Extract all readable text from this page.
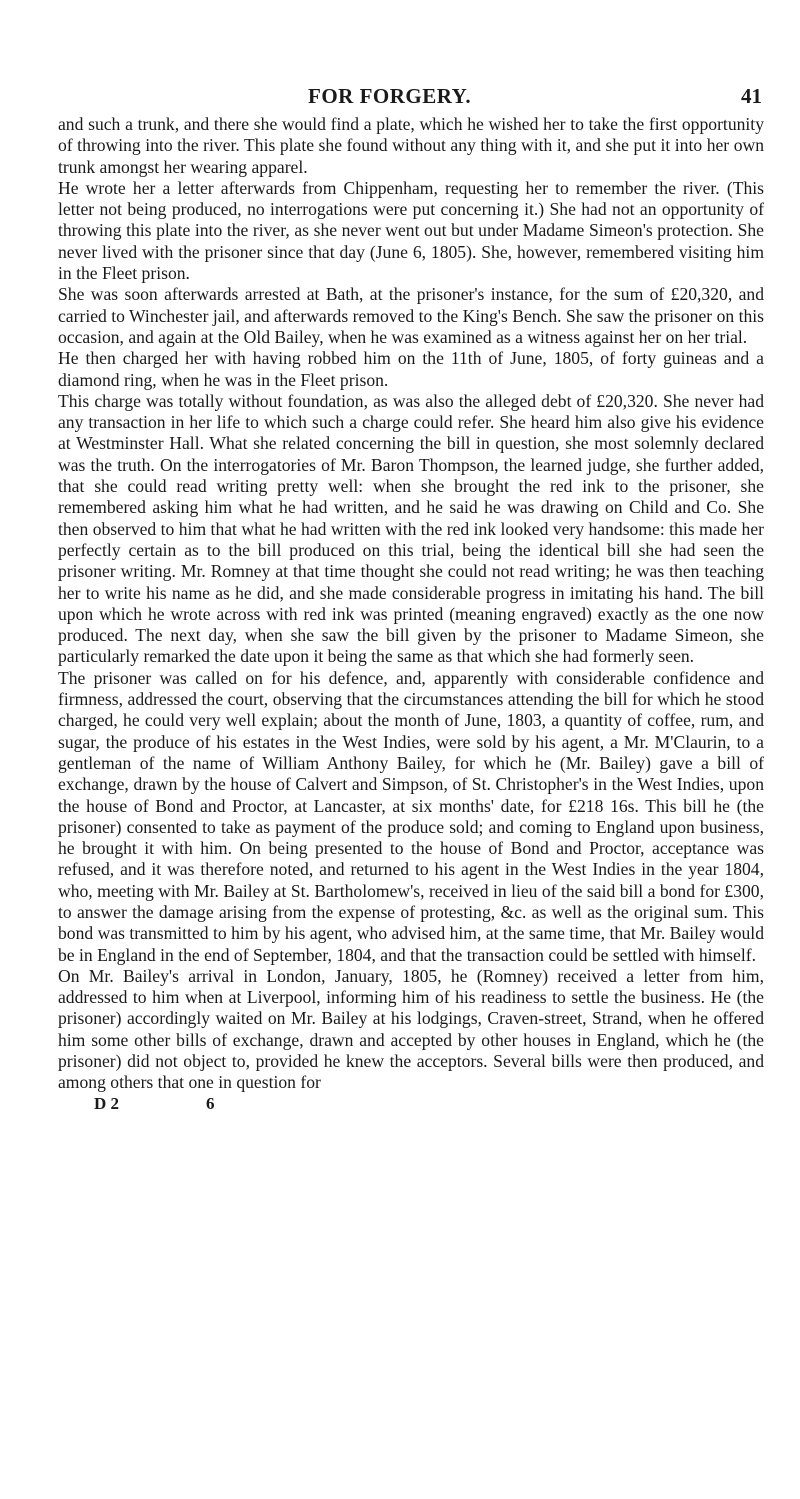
FOR FORGERY.	41

and such a trunk, and there she would find a plate, which he wished her to take the first opportunity of throwing into the river. This plate she found without any thing with it, and she put it into her own trunk amongst her wearing apparel.

He wrote her a letter afterwards from Chippenham, requesting her to remember the river. (This letter not being produced, no interrogations were put concerning it.) She had not an opportunity of throwing this plate into the river, as she never went out but under Madame Simeon's protection. She never lived with the prisoner since that day (June 6, 1805). She, however, remembered visiting him in the Fleet prison.

She was soon afterwards arrested at Bath, at the prisoner's instance, for the sum of £20,320, and carried to Winchester jail, and afterwards removed to the King's Bench. She saw the prisoner on this occasion, and again at the Old Bailey, when he was examined as a witness against her on her trial.

He then charged her with having robbed him on the 11th of June, 1805, of forty guineas and a diamond ring, when he was in the Fleet prison.

This charge was totally without foundation, as was also the alleged debt of £20,320. She never had any transaction in her life to which such a charge could refer. She heard him also give his evidence at Westminster Hall. What she related concerning the bill in question, she most solemnly declared was the truth. On the interrogatories of Mr. Baron Thompson, the learned judge, she further added, that she could read writing pretty well: when she brought the red ink to the prisoner, she remembered asking him what he had written, and he said he was drawing on Child and Co. She then observed to him that what he had written with the red ink looked very handsome: this made her perfectly certain as to the bill produced on this trial, being the identical bill she had seen the prisoner writing. Mr. Romney at that time thought she could not read writing; he was then teaching her to write his name as he did, and she made considerable progress in imitating his hand. The bill upon which he wrote across with red ink was printed (meaning engraved) exactly as the one now produced. The next day, when she saw the bill given by the prisoner to Madame Simeon, she particularly remarked the date upon it being the same as that which she had formerly seen.

The prisoner was called on for his defence, and, apparently with considerable confidence and firmness, addressed the court, observing that the circumstances attending the bill for which he stood charged, he could very well explain; about the month of June, 1803, a quantity of coffee, rum, and sugar, the produce of his estates in the West Indies, were sold by his agent, a Mr. M'Claurin, to a gentleman of the name of William Anthony Bailey, for which he (Mr. Bailey) gave a bill of exchange, drawn by the house of Calvert and Simpson, of St. Christopher's in the West Indies, upon the house of Bond and Proctor, at Lancaster, at six months' date, for £218 16s. This bill he (the prisoner) consented to take as payment of the produce sold; and coming to England upon business, he brought it with him. On being presented to the house of Bond and Proctor, acceptance was refused, and it was therefore noted, and returned to his agent in the West Indies in the year 1804, who, meeting with Mr. Bailey at St. Bartholomew's, received in lieu of the said bill a bond for £300, to answer the damage arising from the expense of protesting, &c. as well as the original sum. This bond was transmitted to him by his agent, who advised him, at the same time, that Mr. Bailey would be in England in the end of September, 1804, and that the transaction could be settled with himself.

On Mr. Bailey's arrival in London, January, 1805, he (Romney) received a letter from him, addressed to him when at Liverpool, informing him of his readiness to settle the business. He (the prisoner) accordingly waited on Mr. Bailey at his lodgings, Craven-street, Strand, when he offered him some other bills of exchange, drawn and accepted by other houses in England, which he (the prisoner) did not object to, provided he knew the acceptors. Several bills were then produced, and among others that one in question for

D 2	6
